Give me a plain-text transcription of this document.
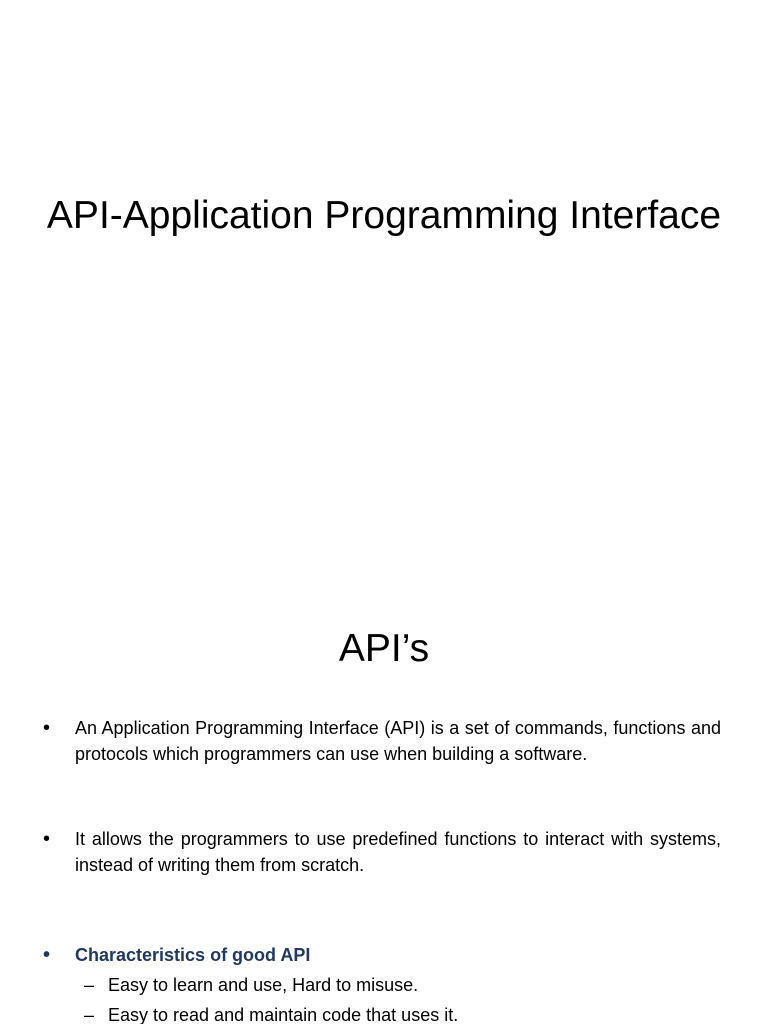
API-Application Programming Interface
API’s
•	An Application Programming Interface (API) is a set of commands, functions and protocols which programmers can use when building a software.
•	It allows the programmers to use predefined functions to interact with systems, instead of writing them from scratch.
•	Characteristics of good API
– Easy to learn and use, Hard to misuse.
– Easy to read and maintain code that uses it.
